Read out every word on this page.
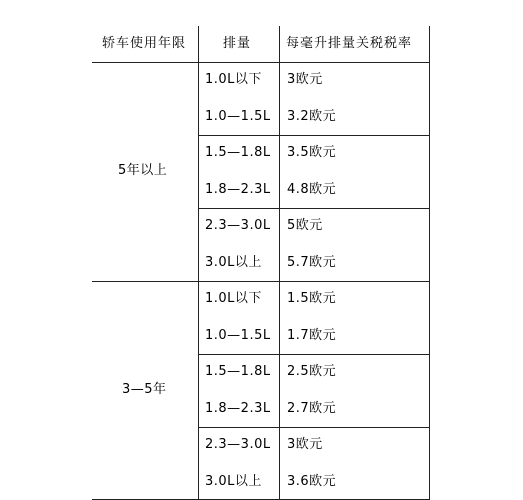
轿车使用年限	排量	每毫升排量关税税率
5年以上
1.0L以下 3欧元
1.0—1.5L 3.2欧元
1.5—1.8L 3.5欧元
1.8—2.3L 4.8欧元
2.3—3.0L 5欧元
3.0L以上 5.7欧元
3—5年
1.0L以下 1.5欧元
1.0—1.5L 1.7欧元
1.5—1.8L 2.5欧元
1.8—2.3L 2.7欧元
2.3—3.0L 3欧元
3.0L以上 3.6欧元
